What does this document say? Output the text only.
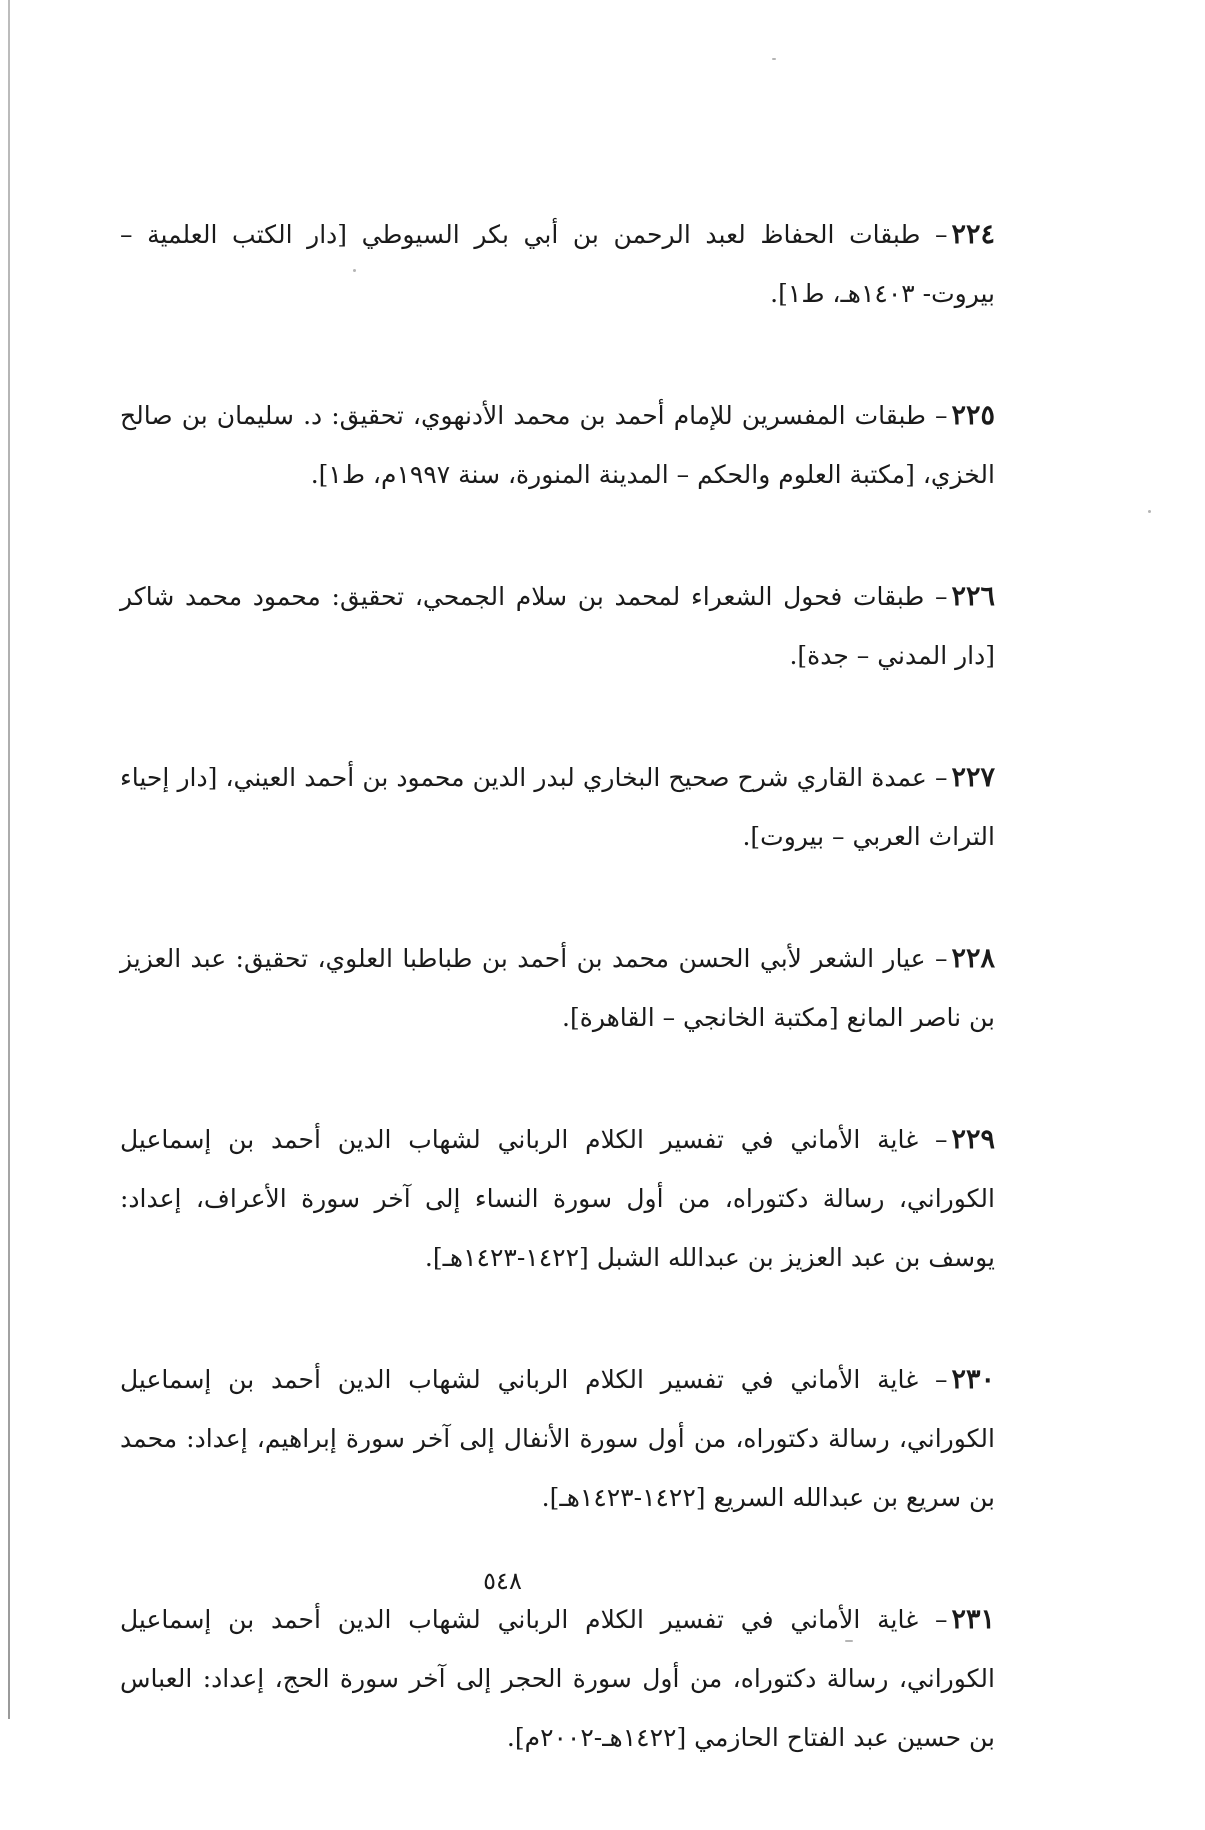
٢٢٤– طبقات الحفاظ لعبد الرحمن بن أبي بكر السيوطي [دار الكتب العلمية – بيروت- ١٤٠٣هـ، ط١].

٢٢٥– طبقات المفسرين للإمام أحمد بن محمد الأدنهوي، تحقيق: د. سليمان بن صالح الخزي، [مكتبة العلوم والحكم – المدينة المنورة، سنة ١٩٩٧م، ط١].

٢٢٦– طبقات فحول الشعراء لمحمد بن سلام الجمحي، تحقيق: محمود محمد شاكر [دار المدني – جدة].

٢٢٧– عمدة القاري شرح صحيح البخاري لبدر الدين محمود بن أحمد العيني، [دار إحياء التراث العربي – بيروت].

٢٢٨– عيار الشعر لأبي الحسن محمد بن أحمد بن طباطبا العلوي، تحقيق: عبد العزيز بن ناصر المانع [مكتبة الخانجي – القاهرة].

٢٢٩– غاية الأماني في تفسير الكلام الرباني لشهاب الدين أحمد بن إسماعيل الكوراني، رسالة دكتوراه، من أول سورة النساء إلى آخر سورة الأعراف، إعداد: يوسف بن عبد العزيز بن عبدالله الشبل [١٤٢٢-١٤٢٣هـ].

٢٣٠– غاية الأماني في تفسير الكلام الرباني لشهاب الدين أحمد بن إسماعيل الكوراني، رسالة دكتوراه، من أول سورة الأنفال إلى آخر سورة إبراهيم، إعداد: محمد بن سريع بن عبدالله السريع [١٤٢٢-١٤٢٣هـ].

٢٣١– غاية الأماني في تفسير الكلام الرباني لشهاب الدين أحمد بن إسماعيل الكوراني، رسالة دكتوراه، من أول سورة الحجر إلى آخر سورة الحج، إعداد: العباس بن حسين عبد الفتاح الحازمي [١٤٢٢هـ-٢٠٠٢م].

٥٤٨
